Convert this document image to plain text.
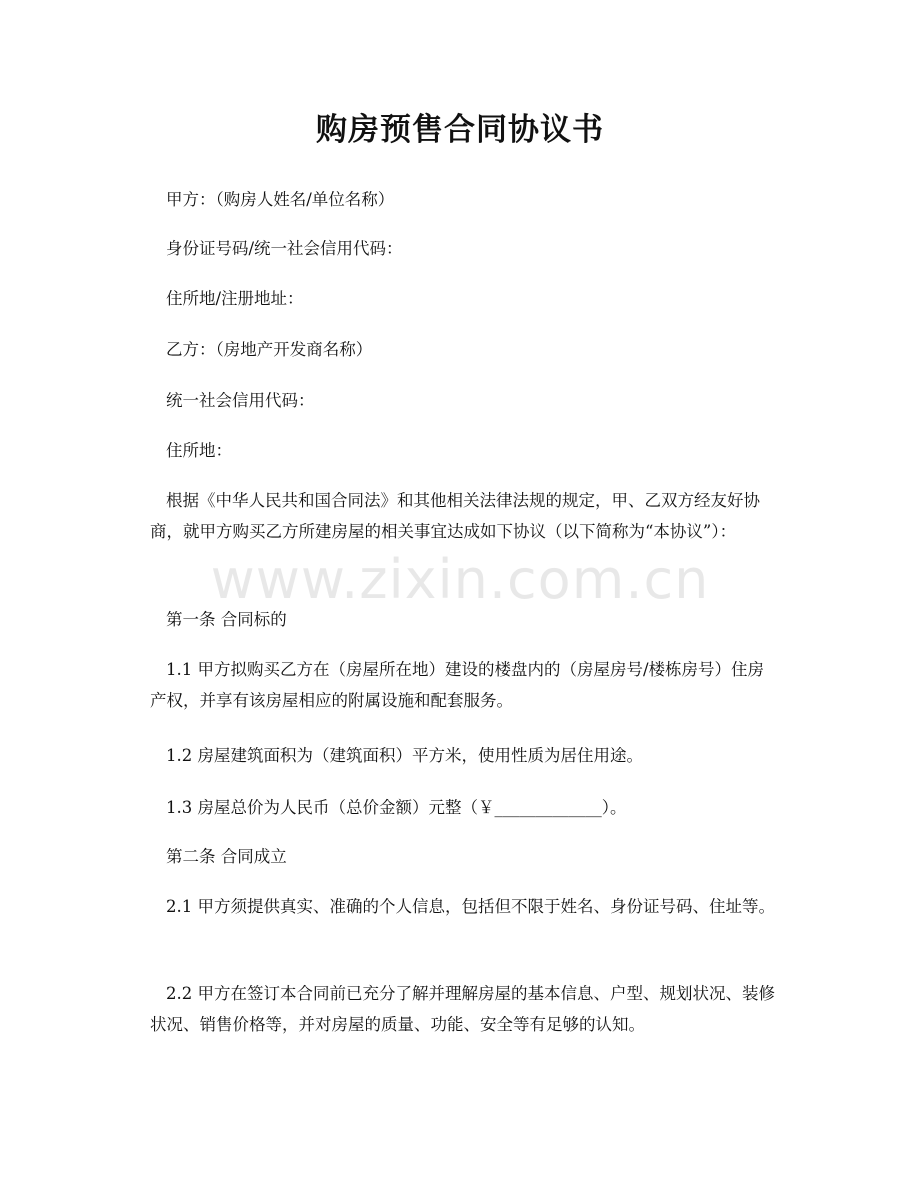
购房预售合同协议书

甲方：（购房人姓名/单位名称）

身份证号码/统一社会信用代码：

住所地/注册地址：

乙方：（房地产开发商名称）

统一社会信用代码：

住所地：

根据《中华人民共和国合同法》和其他相关法律法规的规定，甲、乙双方经友好协商，就甲方购买乙方所建房屋的相关事宜达成如下协议（以下简称为“本协议”）：

第一条 合同标的

1.1 甲方拟购买乙方在（房屋所在地）建设的楼盘内的（房屋房号/楼栋房号）住房产权，并享有该房屋相应的附属设施和配套服务。

1.2 房屋建筑面积为（建筑面积）平方米，使用性质为居住用途。

1.3 房屋总价为人民币（总价金额）元整（￥_____________）。

第二条 合同成立

2.1 甲方须提供真实、准确的个人信息，包括但不限于姓名、身份证号码、住址等。

2.2 甲方在签订本合同前已充分了解并理解房屋的基本信息、户型、规划状况、装修状况、销售价格等，并对房屋的质量、功能、安全等有足够的认知。

www.zixin.com.cn
